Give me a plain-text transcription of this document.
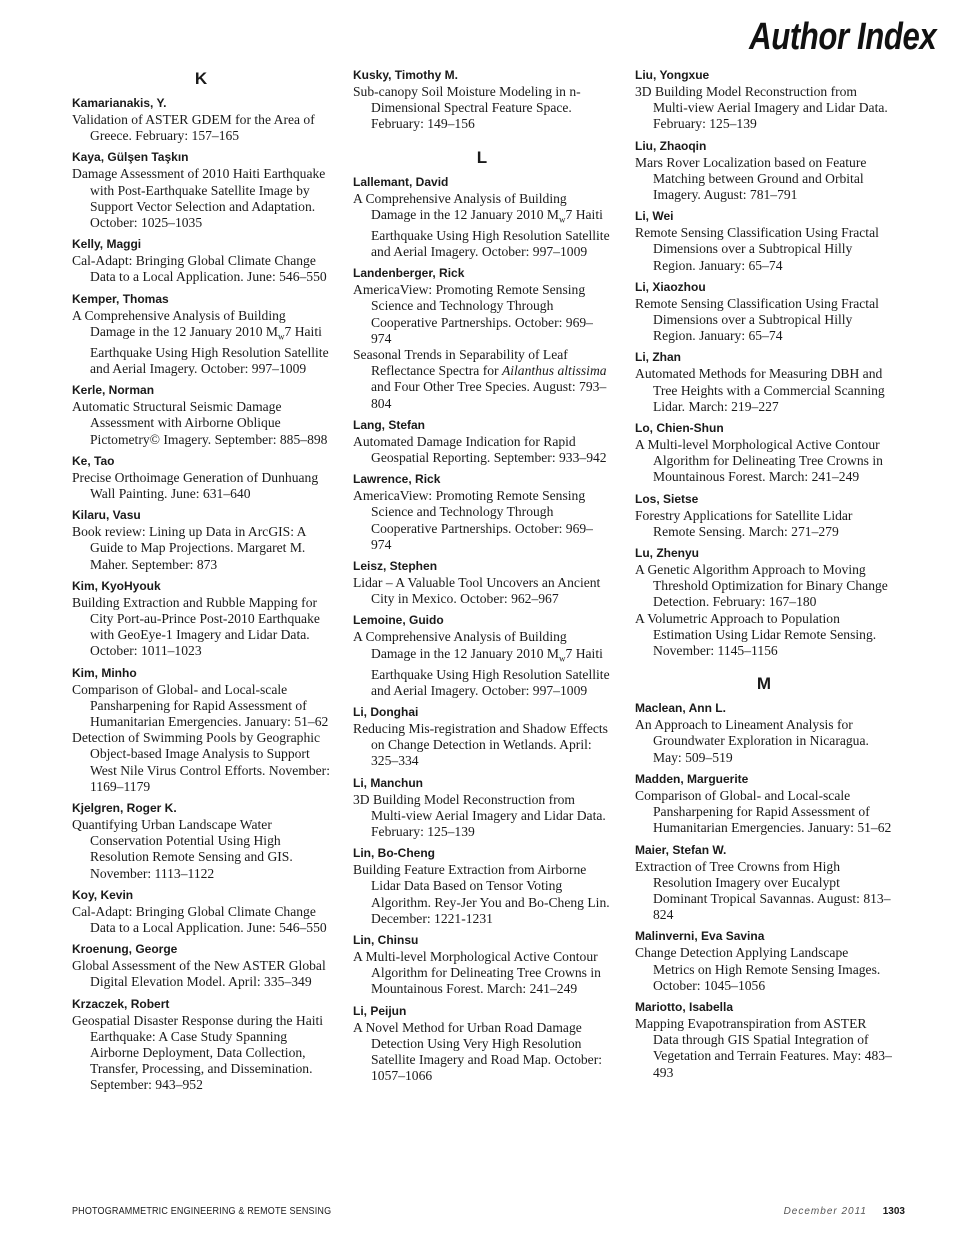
Author Index
K
Kamarianakis, Y.
Validation of ASTER GDEM for the Area of Greece. February: 157–165
Kaya, Gülşen Taşkın
Damage Assessment of 2010 Haiti Earthquake with Post-Earthquake Satellite Image by Support Vector Selection and Adaptation. October: 1025–1035
Kelly, Maggi
Cal-Adapt: Bringing Global Climate Change Data to a Local Application. June: 546–550
Kemper, Thomas
A Comprehensive Analysis of Building Damage in the 12 January 2010 $M_w7$ Haiti Earthquake Using High Resolution Satellite and Aerial Imagery. October: 997–1009
Kerle, Norman
Automatic Structural Seismic Damage Assessment with Airborne Oblique Pictometry© Imagery. September: 885–898
Ke, Tao
Precise Orthoimage Generation of Dunhuang Wall Painting. June: 631–640
Kilaru, Vasu
Book review: Lining up Data in ArcGIS: A Guide to Map Projections. Margaret M. Maher. September: 873
Kim, KyoHyouk
Building Extraction and Rubble Mapping for City Port-au-Prince Post-2010 Earthquake with GeoEye-1 Imagery and Lidar Data. October: 1011–1023
Kim, Minho
Comparison of Global- and Local-scale Pansharpening for Rapid Assessment of Humanitarian Emergencies. January: 51–62
Detection of Swimming Pools by Geographic Object-based Image Analysis to Support West Nile Virus Control Efforts. November: 1169–1179
Kjelgren, Roger K.
Quantifying Urban Landscape Water Conservation Potential Using High Resolution Remote Sensing and GIS. November: 1113–1122
Koy, Kevin
Cal-Adapt: Bringing Global Climate Change Data to a Local Application. June: 546–550
Kroenung, George
Global Assessment of the New ASTER Global Digital Elevation Model. April: 335–349
Krzaczek, Robert
Geospatial Disaster Response during the Haiti Earthquake: A Case Study Spanning Airborne Deployment, Data Collection, Transfer, Processing, and Dissemination. September: 943–952
Kusky, Timothy M.
Sub-canopy Soil Moisture Modeling in n-Dimensional Spectral Feature Space. February: 149–156
L
Lallemant, David
A Comprehensive Analysis of Building Damage in the 12 January 2010 $M_w7$ Haiti Earthquake Using High Resolution Satellite and Aerial Imagery. October: 997–1009
Landenberger, Rick
AmericaView: Promoting Remote Sensing Science and Technology Through Cooperative Partnerships. October: 969–974
Seasonal Trends in Separability of Leaf Reflectance Spectra for Ailanthus altissima and Four Other Tree Species. August: 793–804
Lang, Stefan
Automated Damage Indication for Rapid Geospatial Reporting. September: 933–942
Lawrence, Rick
AmericaView: Promoting Remote Sensing Science and Technology Through Cooperative Partnerships. October: 969–974
Leisz, Stephen
Lidar – A Valuable Tool Uncovers an Ancient City in Mexico. October: 962–967
Lemoine, Guido
A Comprehensive Analysis of Building Damage in the 12 January 2010 $M_w7$ Haiti Earthquake Using High Resolution Satellite and Aerial Imagery. October: 997–1009
Li, Donghai
Reducing Mis-registration and Shadow Effects on Change Detection in Wetlands. April: 325–334
Li, Manchun
3D Building Model Reconstruction from Multi-view Aerial Imagery and Lidar Data. February: 125–139
Lin, Bo-Cheng
Building Feature Extraction from Airborne Lidar Data Based on Tensor Voting Algorithm. Rey-Jer You and Bo-Cheng Lin. December: 1221-1231
Lin, Chinsu
A Multi-level Morphological Active Contour Algorithm for Delineating Tree Crowns in Mountainous Forest. March: 241–249
Li, Peijun
A Novel Method for Urban Road Damage Detection Using Very High Resolution Satellite Imagery and Road Map. October: 1057–1066
Liu, Yongxue
3D Building Model Reconstruction from Multi-view Aerial Imagery and Lidar Data. February: 125–139
Liu, Zhaoqin
Mars Rover Localization based on Feature Matching between Ground and Orbital Imagery. August: 781–791
Li, Wei
Remote Sensing Classification Using Fractal Dimensions over a Subtropical Hilly Region. January: 65–74
Li, Xiaozhou
Remote Sensing Classification Using Fractal Dimensions over a Subtropical Hilly Region. January: 65–74
Li, Zhan
Automated Methods for Measuring DBH and Tree Heights with a Commercial Scanning Lidar. March: 219–227
Lo, Chien-Shun
A Multi-level Morphological Active Contour Algorithm for Delineating Tree Crowns in Mountainous Forest. March: 241–249
Los, Sietse
Forestry Applications for Satellite Lidar Remote Sensing. March: 271–279
Lu, Zhenyu
A Genetic Algorithm Approach to Moving Threshold Optimization for Binary Change Detection. February: 167–180
A Volumetric Approach to Population Estimation Using Lidar Remote Sensing. November: 1145–1156
M
Maclean, Ann L.
An Approach to Lineament Analysis for Groundwater Exploration in Nicaragua. May: 509–519
Madden, Marguerite
Comparison of Global- and Local-scale Pansharpening for Rapid Assessment of Humanitarian Emergencies. January: 51–62
Maier, Stefan W.
Extraction of Tree Crowns from High Resolution Imagery over Eucalypt Dominant Tropical Savannas. August: 813–824
Malinverni, Eva Savina
Change Detection Applying Landscape Metrics on High Remote Sensing Images. October: 1045–1056
Mariotto, Isabella
Mapping Evapotranspiration from ASTER Data through GIS Spatial Integration of Vegetation and Terrain Features. May: 483–493
PHOTOGRAMMETRIC ENGINEERING & REMOTE SENSING	December 2011 1303
